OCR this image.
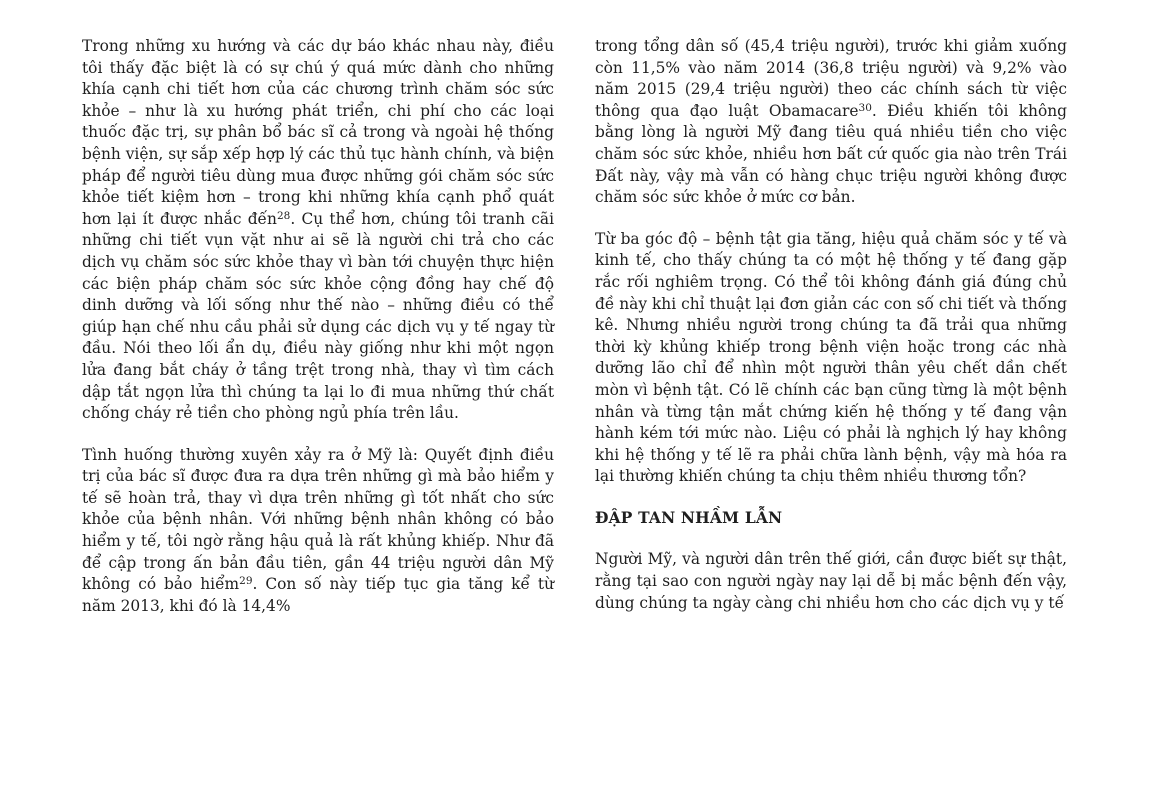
Trong những xu hướng và các dự báo khác nhau này, điều tôi thấy đặc biệt là có sự chú ý quá mức dành cho những khía cạnh chi tiết hơn của các chương trình chăm sóc sức khỏe – như là xu hướng phát triển, chi phí cho các loại thuốc đặc trị, sự phân bổ bác sĩ cả trong và ngoài hệ thống bệnh viện, sự sắp xếp hợp lý các thủ tục hành chính, và biện pháp để người tiêu dùng mua được những gói chăm sóc sức khỏe tiết kiệm hơn – trong khi những khía cạnh phổ quát hơn lại ít được nhắc đến$^{28}$. Cụ thể hơn, chúng tôi tranh cãi những chi tiết vụn vặt như ai sẽ là người chi trả cho các dịch vụ chăm sóc sức khỏe thay vì bàn tới chuyện thực hiện các biện pháp chăm sóc sức khỏe cộng đồng hay chế độ dinh dưỡng và lối sống như thế nào – những điều có thể giúp hạn chế nhu cầu phải sử dụng các dịch vụ y tế ngay từ đầu. Nói theo lối ẩn dụ, điều này giống như khi một ngọn lửa đang bắt cháy ở tầng trệt trong nhà, thay vì tìm cách dập tắt ngọn lửa thì chúng ta lại lo đi mua những thứ chất chống cháy rẻ tiền cho phòng ngủ phía trên lầu.

Tình huống thường xuyên xảy ra ở Mỹ là: Quyết định điều trị của bác sĩ được đưa ra dựa trên những gì mà bảo hiểm y tế sẽ hoàn trả, thay vì dựa trên những gì tốt nhất cho sức khỏe của bệnh nhân. Với những bệnh nhân không có bảo hiểm y tế, tôi ngờ rằng hậu quả là rất khủng khiếp. Như đã để cập trong ấn bản đầu tiên, gần 44 triệu người dân Mỹ không có bảo hiểm$^{29}$. Con số này tiếp tục gia tăng kể từ năm 2013, khi đó là 14,4%

trong tổng dân số (45,4 triệu người), trước khi giảm xuống còn 11,5% vào năm 2014 (36,8 triệu người) và 9,2% vào năm 2015 (29,4 triệu người) theo các chính sách từ việc thông qua đạo luật Obamacare$^{30}$. Điều khiến tôi không bằng lòng là người Mỹ đang tiêu quá nhiều tiền cho việc chăm sóc sức khỏe, nhiều hơn bất cứ quốc gia nào trên Trái Đất này, vậy mà vẫn có hàng chục triệu người không được chăm sóc sức khỏe ở mức cơ bản.

Từ ba góc độ – bệnh tật gia tăng, hiệu quả chăm sóc y tế và kinh tế, cho thấy chúng ta có một hệ thống y tế đang gặp rắc rối nghiêm trọng. Có thể tôi không đánh giá đúng chủ đề này khi chỉ thuật lại đơn giản các con số chi tiết và thống kê. Nhưng nhiều người trong chúng ta đã trải qua những thời kỳ khủng khiếp trong bệnh viện hoặc trong các nhà dưỡng lão chỉ để nhìn một người thân yêu chết dần chết mòn vì bệnh tật. Có lẽ chính các bạn cũng từng là một bệnh nhân và từng tận mắt chứng kiến hệ thống y tế đang vận hành kém tới mức nào. Liệu có phải là nghịch lý hay không khi hệ thống y tế lẽ ra phải chữa lành bệnh, vậy mà hóa ra lại thường khiến chúng ta chịu thêm nhiều thương tổn?

ĐẬP TAN NHẦM LẪN

Người Mỹ, và người dân trên thế giới, cần được biết sự thật, rằng tại sao con người ngày nay lại dễ bị mắc bệnh đến vậy, dùng chúng ta ngày càng chi nhiều hơn cho các dịch vụ y tế
